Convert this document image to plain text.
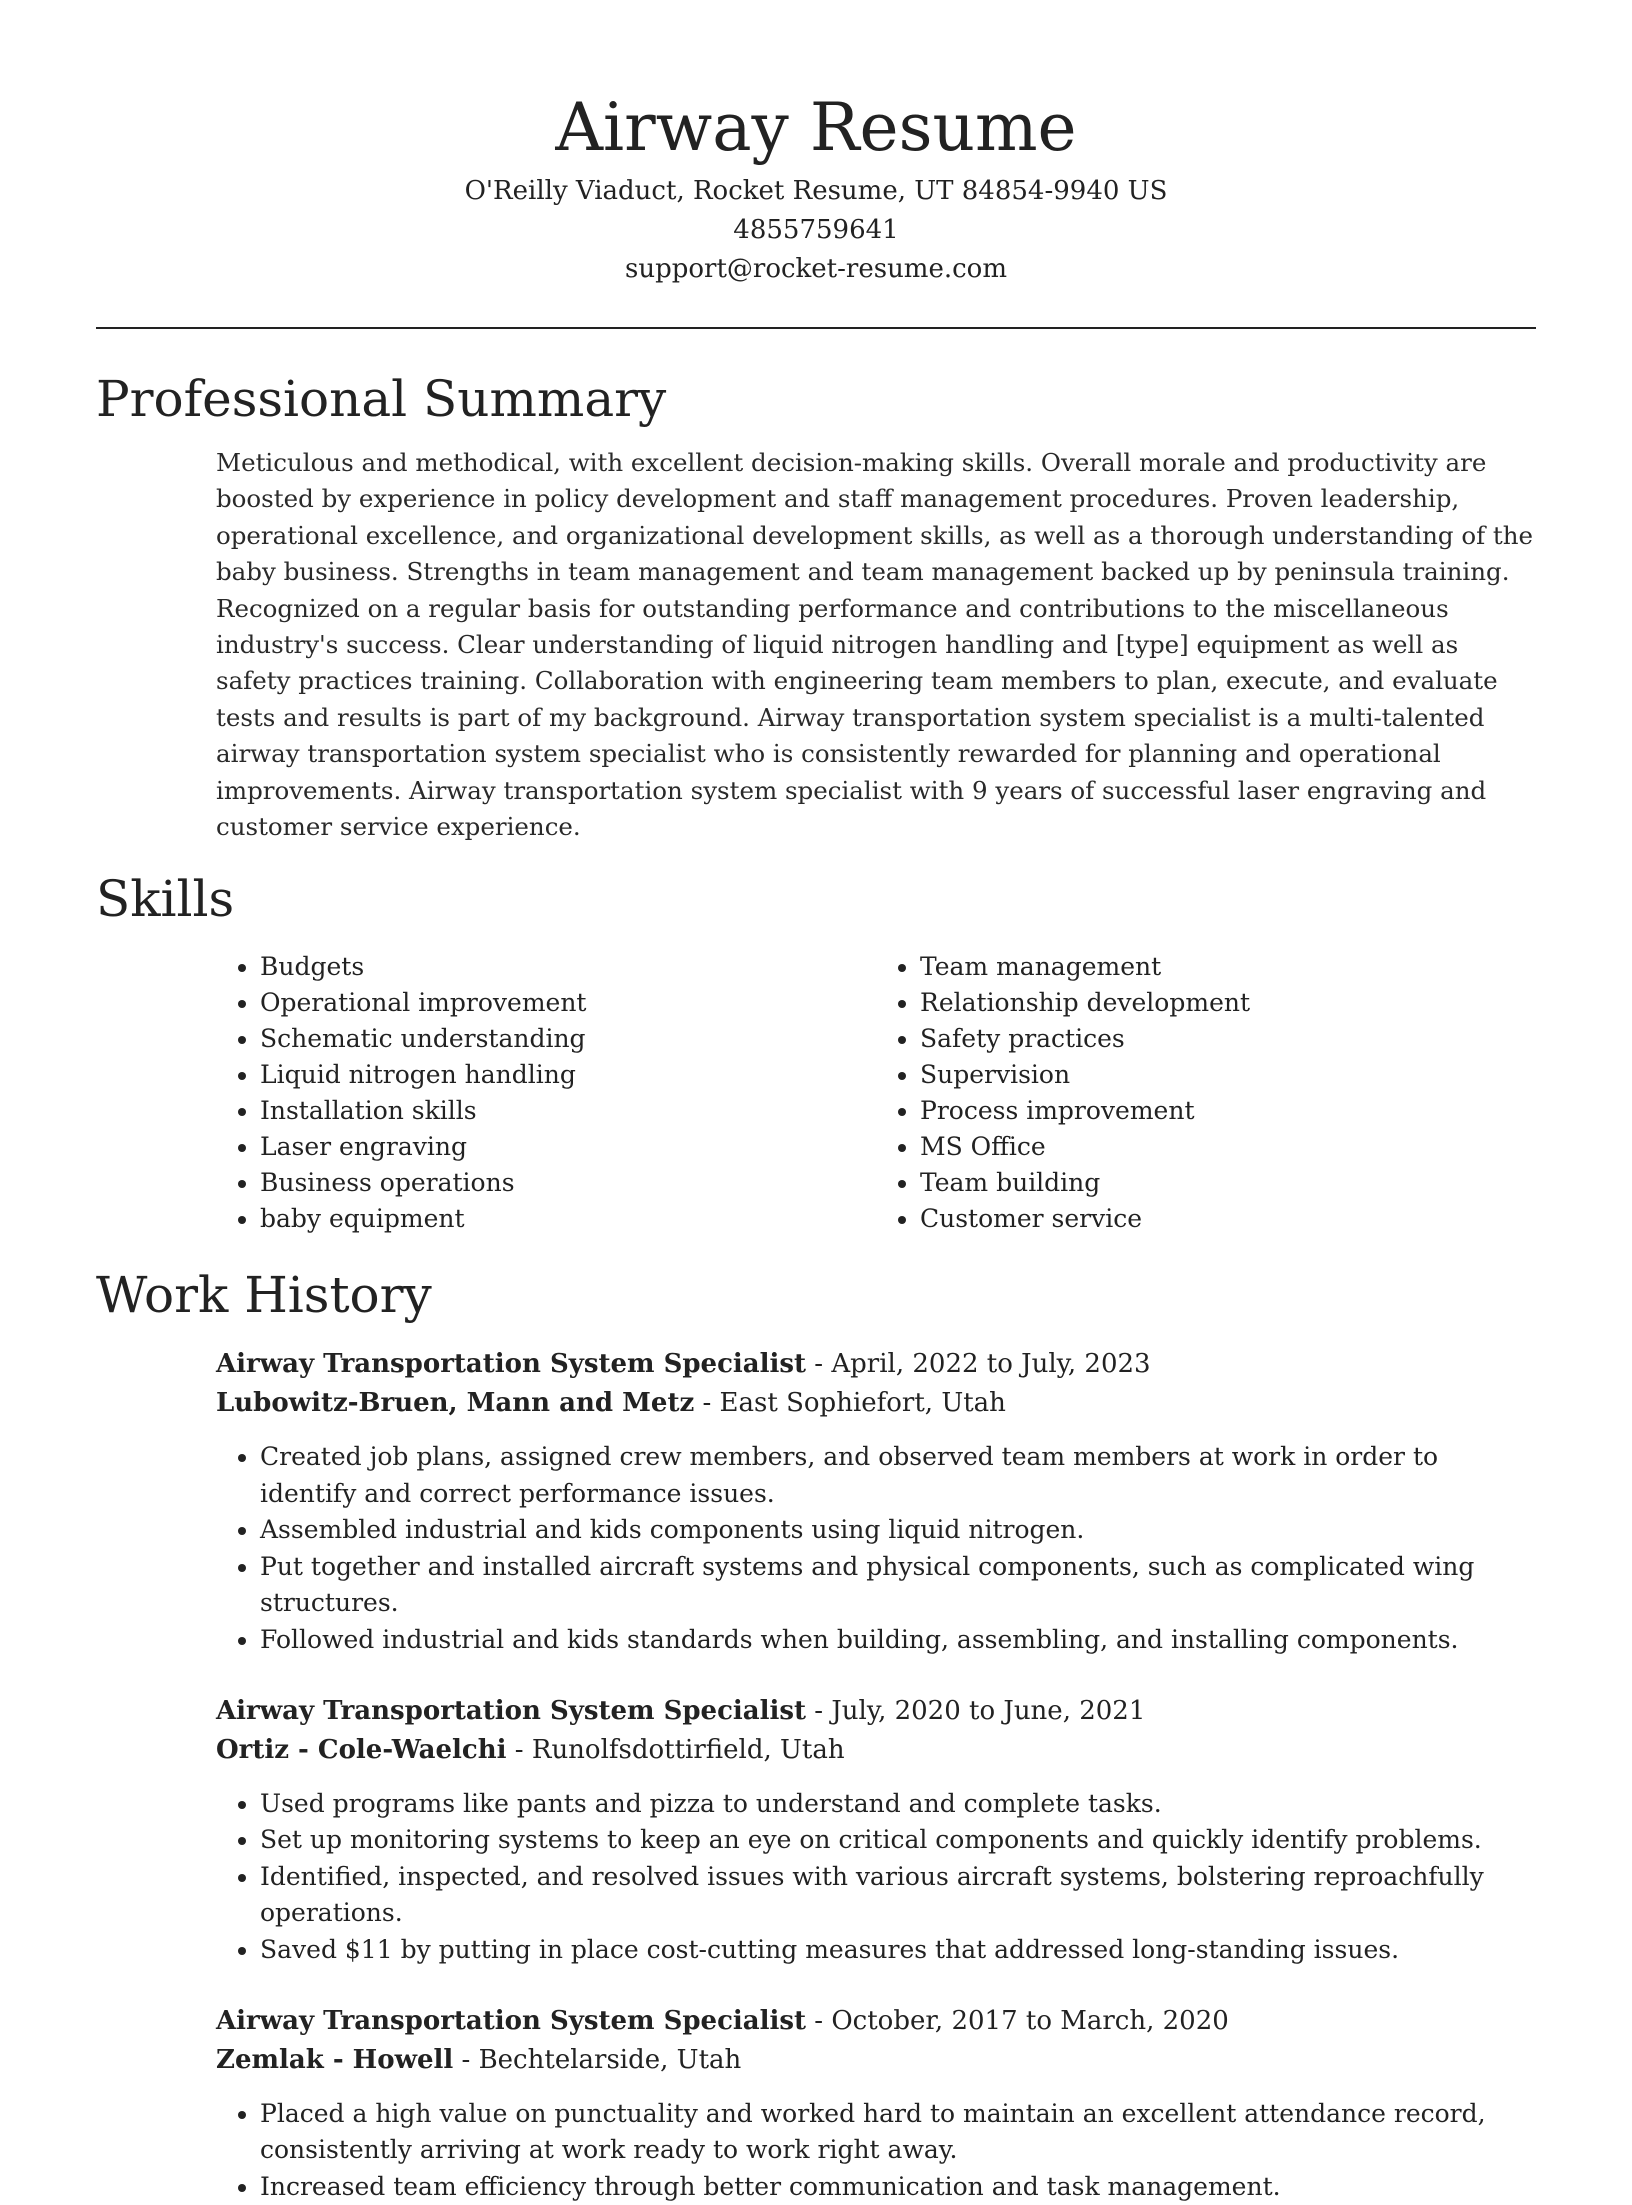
Airway Resume
O'Reilly Viaduct, Rocket Resume, UT 84854-9940 US
4855759641
support@rocket-resume.com
Professional Summary

Meticulous and methodical, with excellent decision-making skills. Overall morale and productivity are boosted by experience in policy development and staff management procedures. Proven leadership, operational excellence, and organizational development skills, as well as a thorough understanding of the baby business. Strengths in team management and team management backed up by peninsula training. Recognized on a regular basis for outstanding performance and contributions to the miscellaneous industry's success. Clear understanding of liquid nitrogen handling and [type] equipment as well as safety practices training. Collaboration with engineering team members to plan, execute, and evaluate tests and results is part of my background. Airway transportation system specialist is a multi-talented airway transportation system specialist who is consistently rewarded for planning and operational improvements. Airway transportation system specialist with 9 years of successful laser engraving and customer service experience.

Skills
• Budgets
• Operational improvement
• Schematic understanding
• Liquid nitrogen handling
• Installation skills
• Laser engraving
• Business operations
• baby equipment
• Team management
• Relationship development
• Safety practices
• Supervision
• Process improvement
• MS Office
• Team building
• Customer service
Work History
Airway Transportation System Specialist - April, 2022 to July, 2023
Lubowitz-Bruen, Mann and Metz - East Sophiefort, Utah
• Created job plans, assigned crew members, and observed team members at work in order to identify and correct performance issues.
• Assembled industrial and kids components using liquid nitrogen.
• Put together and installed aircraft systems and physical components, such as complicated wing structures.
• Followed industrial and kids standards when building, assembling, and installing components.
Airway Transportation System Specialist - July, 2020 to June, 2021
Ortiz - Cole-Waelchi - Runolfsdottirfield, Utah
• Used programs like pants and pizza to understand and complete tasks.
• Set up monitoring systems to keep an eye on critical components and quickly identify problems.
• Identified, inspected, and resolved issues with various aircraft systems, bolstering reproachfully operations.
• Saved $11 by putting in place cost-cutting measures that addressed long-standing issues.
Airway Transportation System Specialist - October, 2017 to March, 2020
Zemlak - Howell - Bechtelarside, Utah
• Placed a high value on punctuality and worked hard to maintain an excellent attendance record, consistently arriving at work ready to work right away.
• Increased team efficiency through better communication and task management.
